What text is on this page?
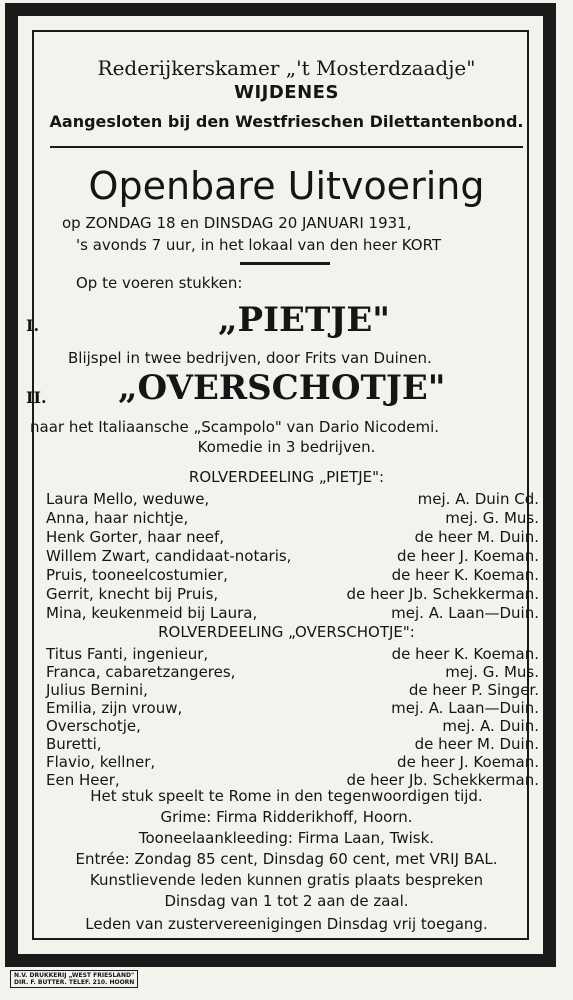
Rederijkerskamer „'t Mosterdzaadje"
WIJDENES
Aangesloten bij den Westfrieschen Dilettantenbond.
Openbare Uitvoering
op ZONDAG 18 en DINSDAG 20 JANUARI 1931,
's avonds 7 uur, in het lokaal van den heer KORT
Op te voeren stukken:
I.	„PIETJE"
Blijspel in twee bedrijven, door Frits van Duinen.
II. „OVERSCHOTJE"
naar het Italiaansche „Scampolo" van Dario Nicodemi.
Komedie in 3 bedrijven.
ROLVERDEELING „PIETJE":
Laura Mello, weduwe,	mej. A. Duin Cd.
Anna, haar nichtje,	mej. G. Mus.
Henk Gorter, haar neef,	de heer M. Duin.
Willem Zwart, candidaat-notaris,	de heer J. Koeman.
Pruis, tooneelcostumier,	de heer K. Koeman.
Gerrit, knecht bij Pruis,	de heer Jb. Schekkerman.
Mina, keukenmeid bij Laura,	mej. A. Laan—Duin.
ROLVERDEELING „OVERSCHOTJE":
Titus Fanti, ingenieur,	de heer K. Koeman.
Franca, cabaretzangeres,	mej. G. Mus.
Julius Bernini,	de heer P. Singer.
Emilia, zijn vrouw,	mej. A. Laan—Duin.
Overschotje,	mej. A. Duin.
Buretti,	de heer M. Duin.
Flavio, kellner,	de heer J. Koeman.
Een Heer,	de heer Jb. Schekkerman.
Het stuk speelt te Rome in den tegenwoordigen tijd.
Grime: Firma Ridderikhoff, Hoorn.
Tooneelaankleeding: Firma Laan, Twisk.
Entrée: Zondag 85 cent, Dinsdag 60 cent, met VRIJ BAL.
Kunstlievende leden kunnen gratis plaats bespreken
Dinsdag van 1 tot 2 aan de zaal.
Leden van zustervereenigingen Dinsdag vrij toegang.
N.V. DRUKKERIJ „WEST FRIESLAND"
DIR. F. BUTTER. TELEF. 210. HOORN
